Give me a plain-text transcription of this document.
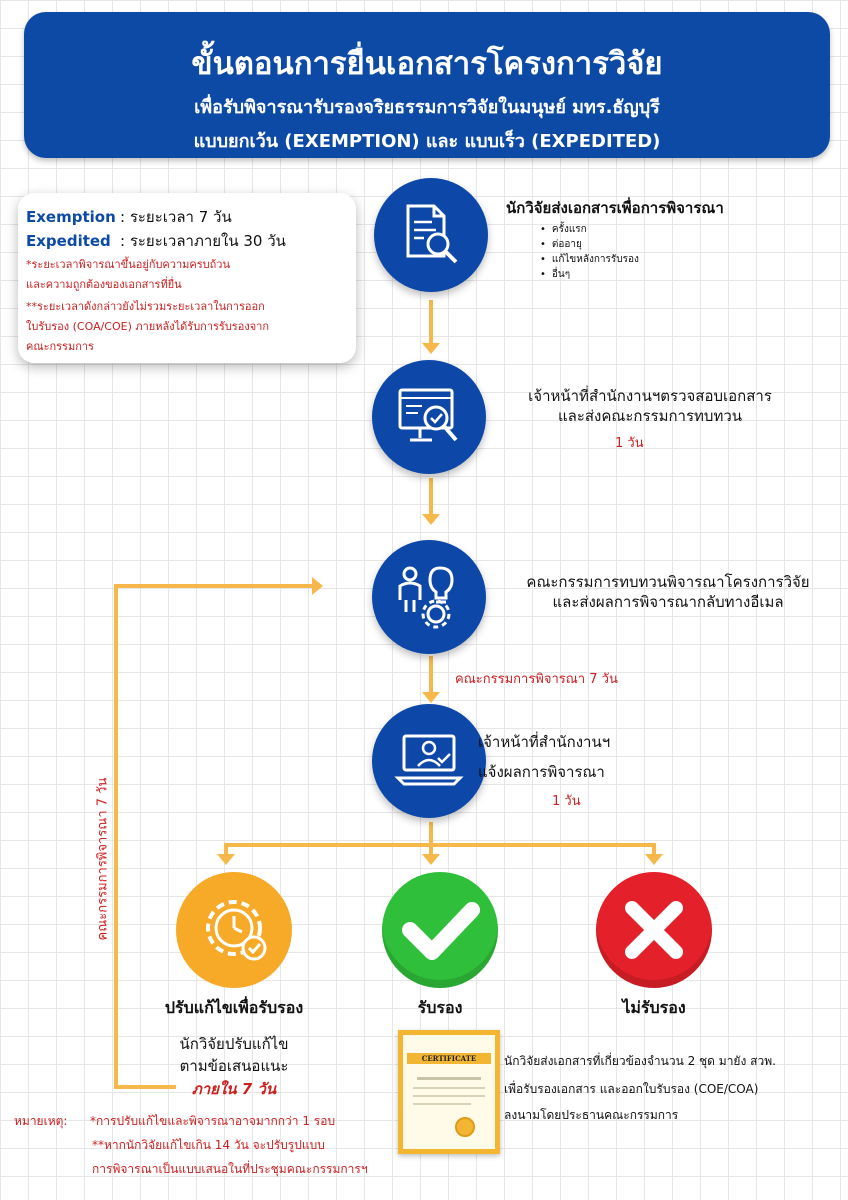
ขั้นตอนการยื่นเอกสารโครงการวิจัย
เพื่อรับพิจารณารับรองจริยธรรมการวิจัยในมนุษย์ มทร.ธัญบุรี
แบบยกเว้น (EXEMPTION) และ แบบเร็ว (EXPEDITED)
Exemption : ระยะเวลา 7 วัน
Expedited : ระยะเวลาภายใน 30 วัน
*ระยะเวลาพิจารณาขึ้นอยู่กับความครบถ้วน
และความถูกต้องของเอกสารที่ยื่น
**ระยะเวลาดังกล่าวยังไม่รวมระยะเวลาในการออก
ใบรับรอง (COA/COE) ภายหลังได้รับการรับรองจาก
คณะกรรมการ
คณะกรรมการพิจารณา 7 วัน
นักวิจัยส่งเอกสารเพื่อการพิจารณา
• ครั้งแรก
• ต่ออายุ
• แก้ไขหลังการรับรอง
• อื่นๆ
เจ้าหน้าที่สำนักงานฯตรวจสอบเอกสาร
และส่งคณะกรรมการทบทวน
1 วัน
คณะกรรมการทบทวนพิจารณาโครงการวิจัย
และส่งผลการพิจารณากลับทางอีเมล
คณะกรรมการพิจารณา 7 วัน
เจ้าหน้าที่สำนักงานฯ
แจ้งผลการพิจารณา
1 วัน
ปรับแก้ไขเพื่อรับรอง
นักวิจัยปรับแก้ไข
ตามข้อเสนอแนะ
ภายใน 7 วัน
รับรอง	ไม่รับรอง
CERTIFICATE	นักวิจัยส่งเอกสารที่เกี่ยวข้องจำนวน 2 ชุด มายัง สวพ.
เพื่อรับรองเอกสาร และออกใบรับรอง (COE/COA)
ลงนามโดยประธานคณะกรรมการ
หมายเหตุ: *การปรับแก้ไขและพิจารณาอาจมากกว่า 1 รอบ
**หากนักวิจัยแก้ไขเกิน 14 วัน จะปรับรูปแบบ
การพิจารณาเป็นแบบเสนอในที่ประชุมคณะกรรมการฯ
